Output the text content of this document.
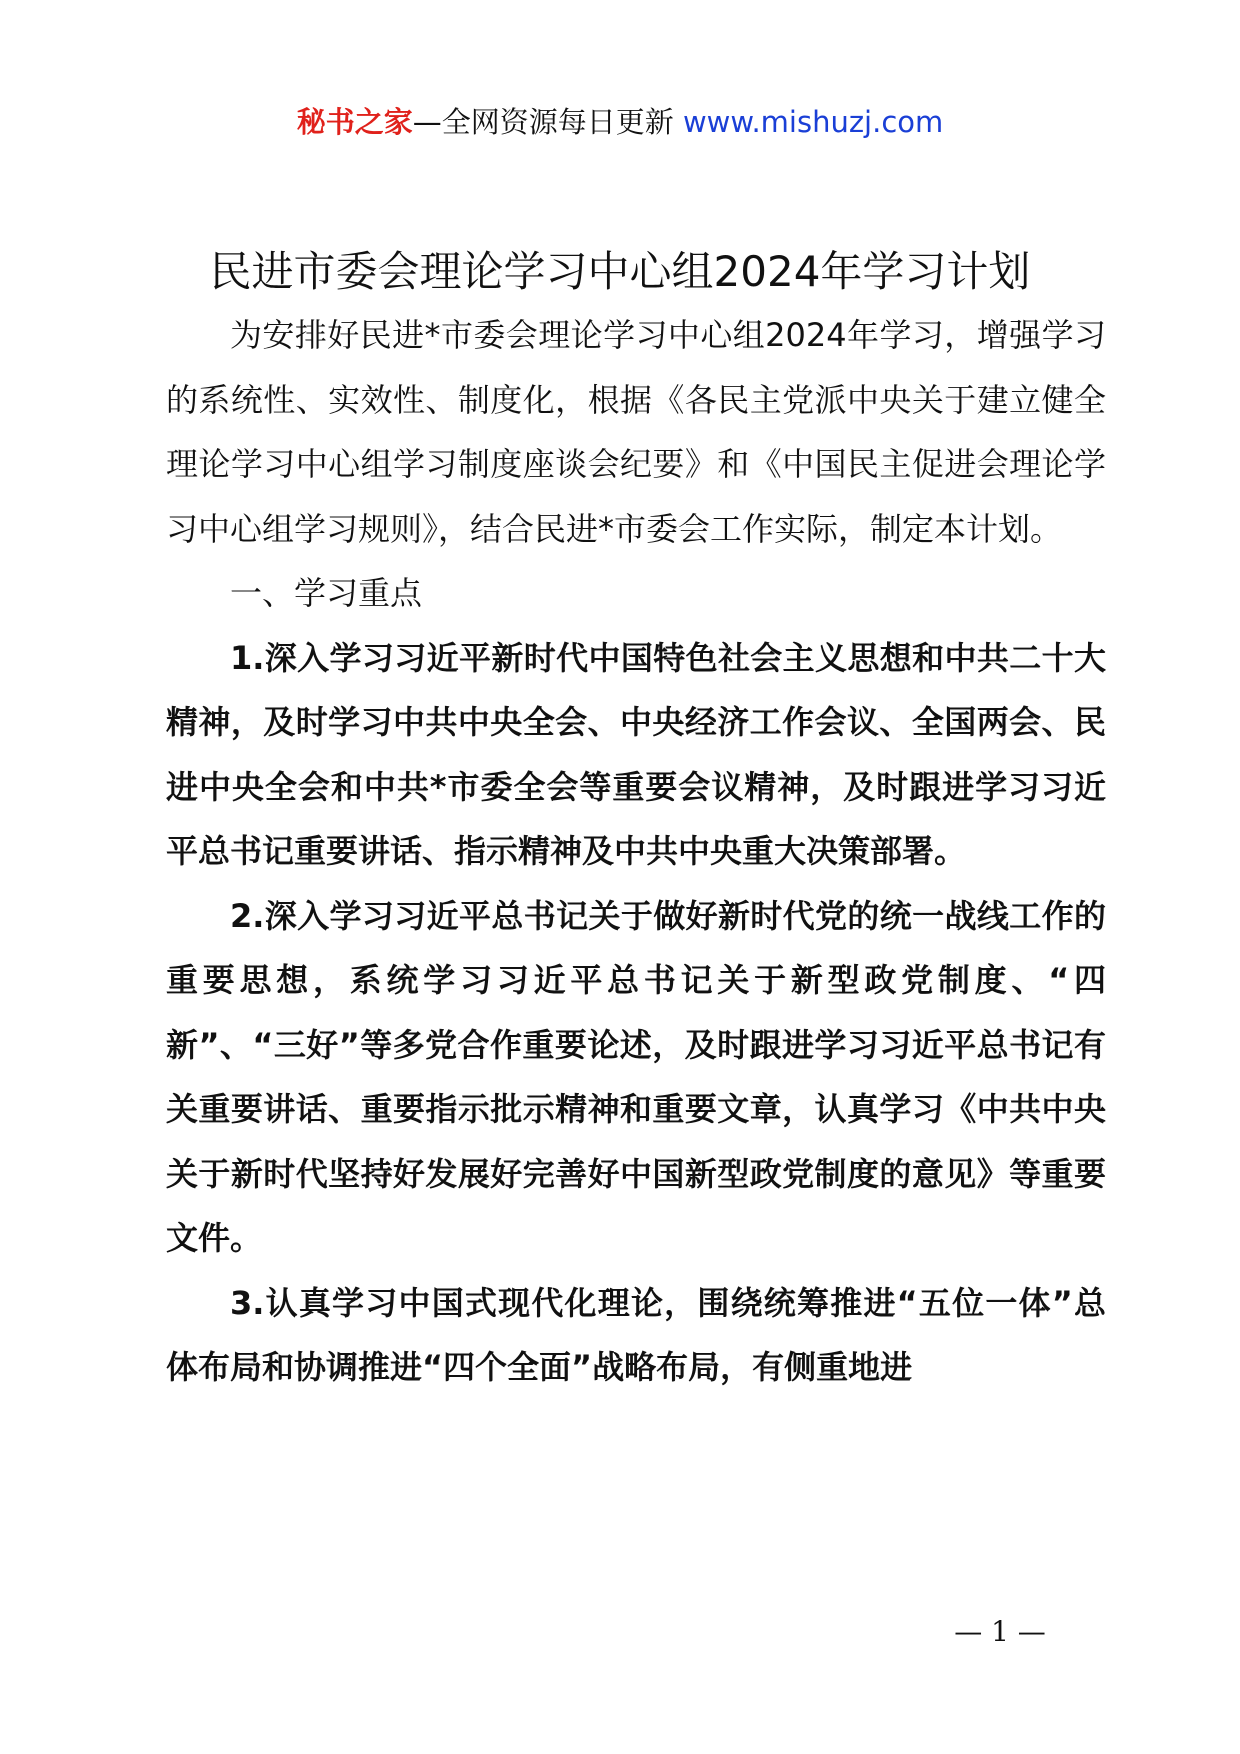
秘书之家—全网资源每日更新 www.mishuzj.com
民进市委会理论学习中心组2024年学习计划

为安排好民进*市委会理论学习中心组2024年学习，增强学习的系统性、实效性、制度化，根据《各民主党派中央关于建立健全理论学习中心组学习制度座谈会纪要》和《中国民主促进会理论学习中心组学习规则》，结合民进*市委会工作实际，制定本计划。

一、学习重点

1.深入学习习近平新时代中国特色社会主义思想和中共二十大精神，及时学习中共中央全会、中央经济工作会议、全国两会、民进中央全会和中共*市委全会等重要会议精神，及时跟进学习习近平总书记重要讲话、指示精神及中共中央重大决策部署。

2.深入学习习近平总书记关于做好新时代党的统一战线工作的重要思想，系统学习习近平总书记关于新型政党制度、“四新”、“三好”等多党合作重要论述，及时跟进学习习近平总书记有关重要讲话、重要指示批示精神和重要文章，认真学习《中共中央关于新时代坚持好发展好完善好中国新型政党制度的意见》等重要文件。

3.认真学习中国式现代化理论，围绕统筹推进“五位一体”总体布局和协调推进“四个全面”战略布局，有侧重地进

— 1 —
